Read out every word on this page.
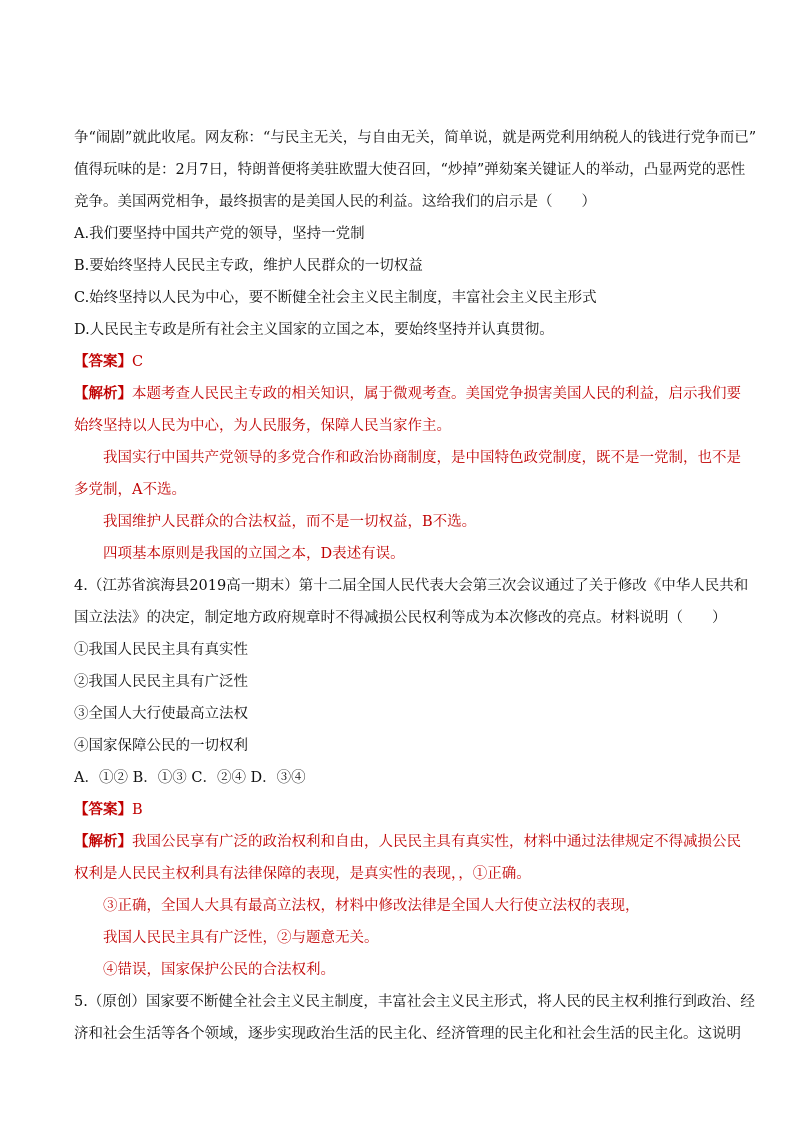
争“闹剧”就此收尾。网友称：“与民主无关，与自由无关，简单说，就是两党利用纳税人的钱进行党争而已”

值得玩味的是：2月7日，特朗普便将美驻欧盟大使召回，“炒掉”弹劾案关键证人的举动，凸显两党的恶性

竞争。美国两党相争，最终损害的是美国人民的利益。这给我们的启示是（　　）

A.我们要坚持中国共产党的领导，坚持一党制

B.要始终坚持人民民主专政，维护人民群众的一切权益

C.始终坚持以人民为中心，要不断健全社会主义民主制度，丰富社会主义民主形式

D.人民民主专政是所有社会主义国家的立国之本，要始终坚持并认真贯彻。

【答案】C

【解析】本题考查人民民主专政的相关知识，属于微观考查。美国党争损害美国人民的利益，启示我们要

始终坚持以人民为中心，为人民服务，保障人民当家作主。

我国实行中国共产党领导的多党合作和政治协商制度，是中国特色政党制度，既不是一党制，也不是

多党制，A不选。

我国维护人民群众的合法权益，而不是一切权益，B不选。

四项基本原则是我国的立国之本，D表述有误。

4.（江苏省滨海县2019高一期末）第十二届全国人民代表大会第三次会议通过了关于修改《中华人民共和

国立法法》的决定，制定地方政府规章时不得减损公民权利等成为本次修改的亮点。材料说明（　　）

①我国人民民主具有真实性

②我国人民民主具有广泛性

③全国人大行使最高立法权

④国家保障公民的一切权利

A．①② B．①③ C．②④ D．③④

【答案】B

【解析】我国公民享有广泛的政治权利和自由，人民民主具有真实性，材料中通过法律规定不得减损公民

权利是人民民主权利具有法律保障的表现，是真实性的表现，，①正确。

③正确，全国人大具有最高立法权，材料中修改法律是全国人大行使立法权的表现，

我国人民民主具有广泛性，②与题意无关。

④错误，国家保护公民的合法权利。

5.（原创）国家要不断健全社会主义民主制度，丰富社会主义民主形式，将人民的民主权利推行到政治、经

济和社会生活等各个领域，逐步实现政治生活的民主化、经济管理的民主化和社会生活的民主化。这说明
